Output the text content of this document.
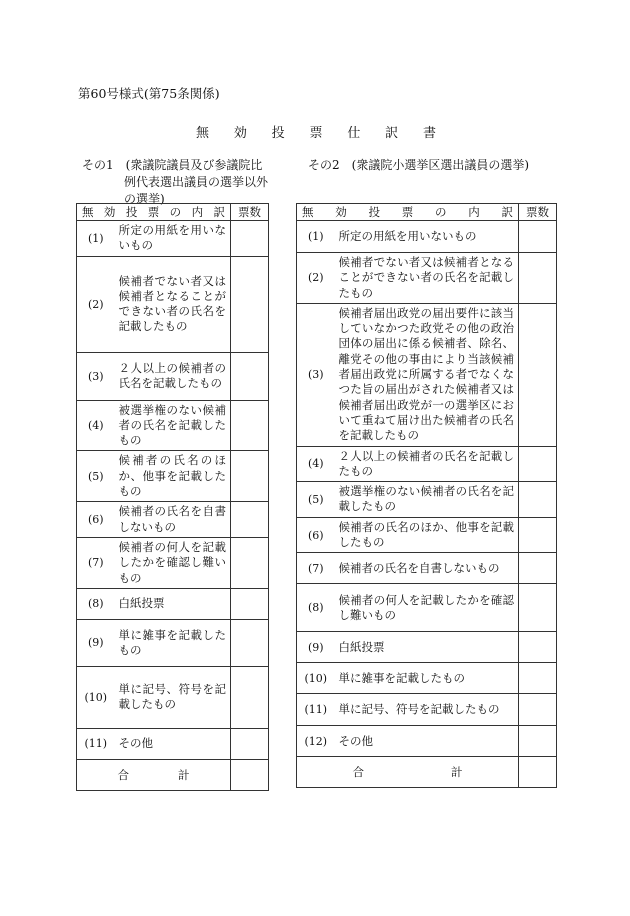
第60号様式(第75条関係)
無 効 投 票 仕 訳 書
その1　(衆議院議員及び参議院比
例代表選出議員の選挙以外
の選挙)
その2　(衆議院小選挙区選出議員の選挙)
無効投票の内訳		票数
(1)	所定の用紙を用いないもの	
(2)	候補者でない者又は候補者となることができない者の氏名を記載したもの	
(3)	２人以上の候補者の氏名を記載したもの	
(4)	被選挙権のない候補者の氏名を記載したもの	
(5)	候補者の氏名のほか、他事を記載したもの	
(6)	候補者の氏名を自書しないもの	
(7)	候補者の何人を記載したかを確認し難いもの	
(8)	白紙投票	
(9)	単に雑事を記載したもの	
(10)	単に記号、符号を記載したもの	
(11)	その他	

合 計		

無効投票の内訳		票数
(1)	所定の用紙を用いないもの	
(2)	候補者でない者又は候補者となることができない者の氏名を記載したもの	
(3)	候補者届出政党の届出要件に該当していなかつた政党その他の政治団体の届出に係る候補者、除名、離党その他の事由により当該候補者届出政党に所属する者でなくなつた旨の届出がされた候補者又は候補者届出政党が一の選挙区において重ねて届け出た候補者の氏名を記載したもの	
(4)	２人以上の候補者の氏名を記載したもの	
(5)	被選挙権のない候補者の氏名を記載したもの	
(6)	候補者の氏名のほか、他事を記載したもの	
(7)	候補者の氏名を自書しないもの	
(8)	候補者の何人を記載したかを確認し難いもの	
(9)	白紙投票	
(10)	単に雑事を記載したもの	
(11)	単に記号、符号を記載したもの	
(12)	その他	

合 計		
